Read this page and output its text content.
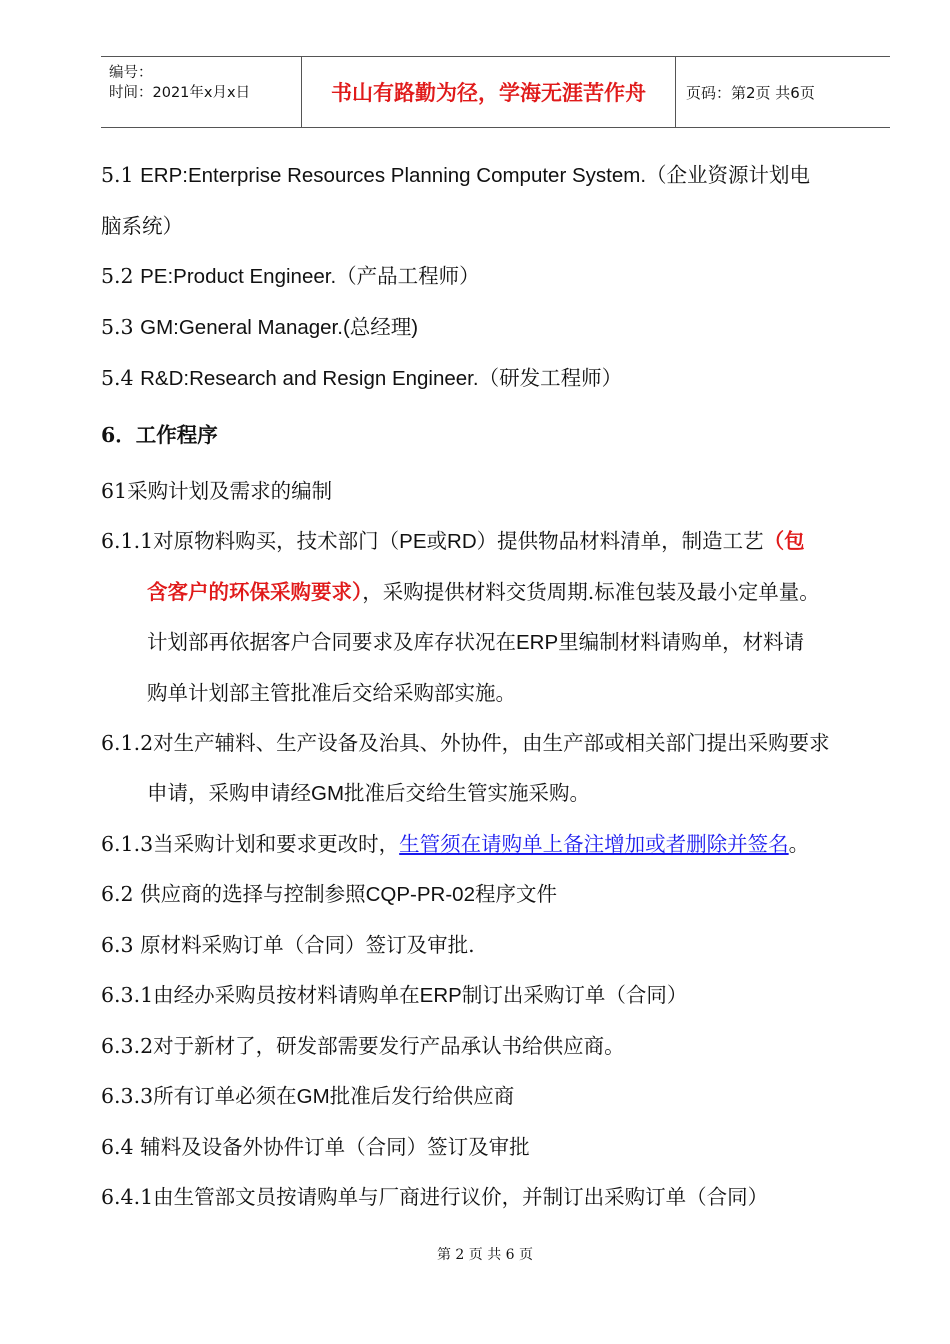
编号：
时间：2021年x月x日	书山有路勤为径，学海无涯苦作舟	页码：第2页 共6页

5.1 ERP:Enterprise Resources Planning Computer System.（企业资源计划电

脑系统）

5.2 PE:Product Engineer.（产品工程师）

5.3 GM:General Manager.(总经理)

5.4 R&D:Research and Resign Engineer.（研发工程师）

6．工作程序

61采购计划及需求的编制

6.1.1对原物料购买，技术部门（PE或RD）提供物品材料清单，制造工艺（包

含客户的环保采购要求），采购提供材料交货周期.标准包装及最小定单量。

计划部再依据客户合同要求及库存状况在ERP里编制材料请购单，材料请

购单计划部主管批准后交给采购部实施。

6.1.2对生产辅料、生产设备及治具、外协件，由生产部或相关部门提出采购要求

申请，采购申请经GM批准后交给生管实施采购。

6.1.3当采购计划和要求更改时，生管须在请购单上备注增加或者删除并签名。

6.2 供应商的选择与控制参照CQP-PR-02程序文件

6.3 原材料采购订单（合同）签订及审批.

6.3.1由经办采购员按材料请购单在ERP制订出采购订单（合同）

6.3.2对于新材了，研发部需要发行产品承认书给供应商。

6.3.3所有订单必须在GM批准后发行给供应商

6.4 辅料及设备外协件订单（合同）签订及审批

6.4.1由生管部文员按请购单与厂商进行议价，并制订出采购订单（合同）

第 2 页 共 6 页
